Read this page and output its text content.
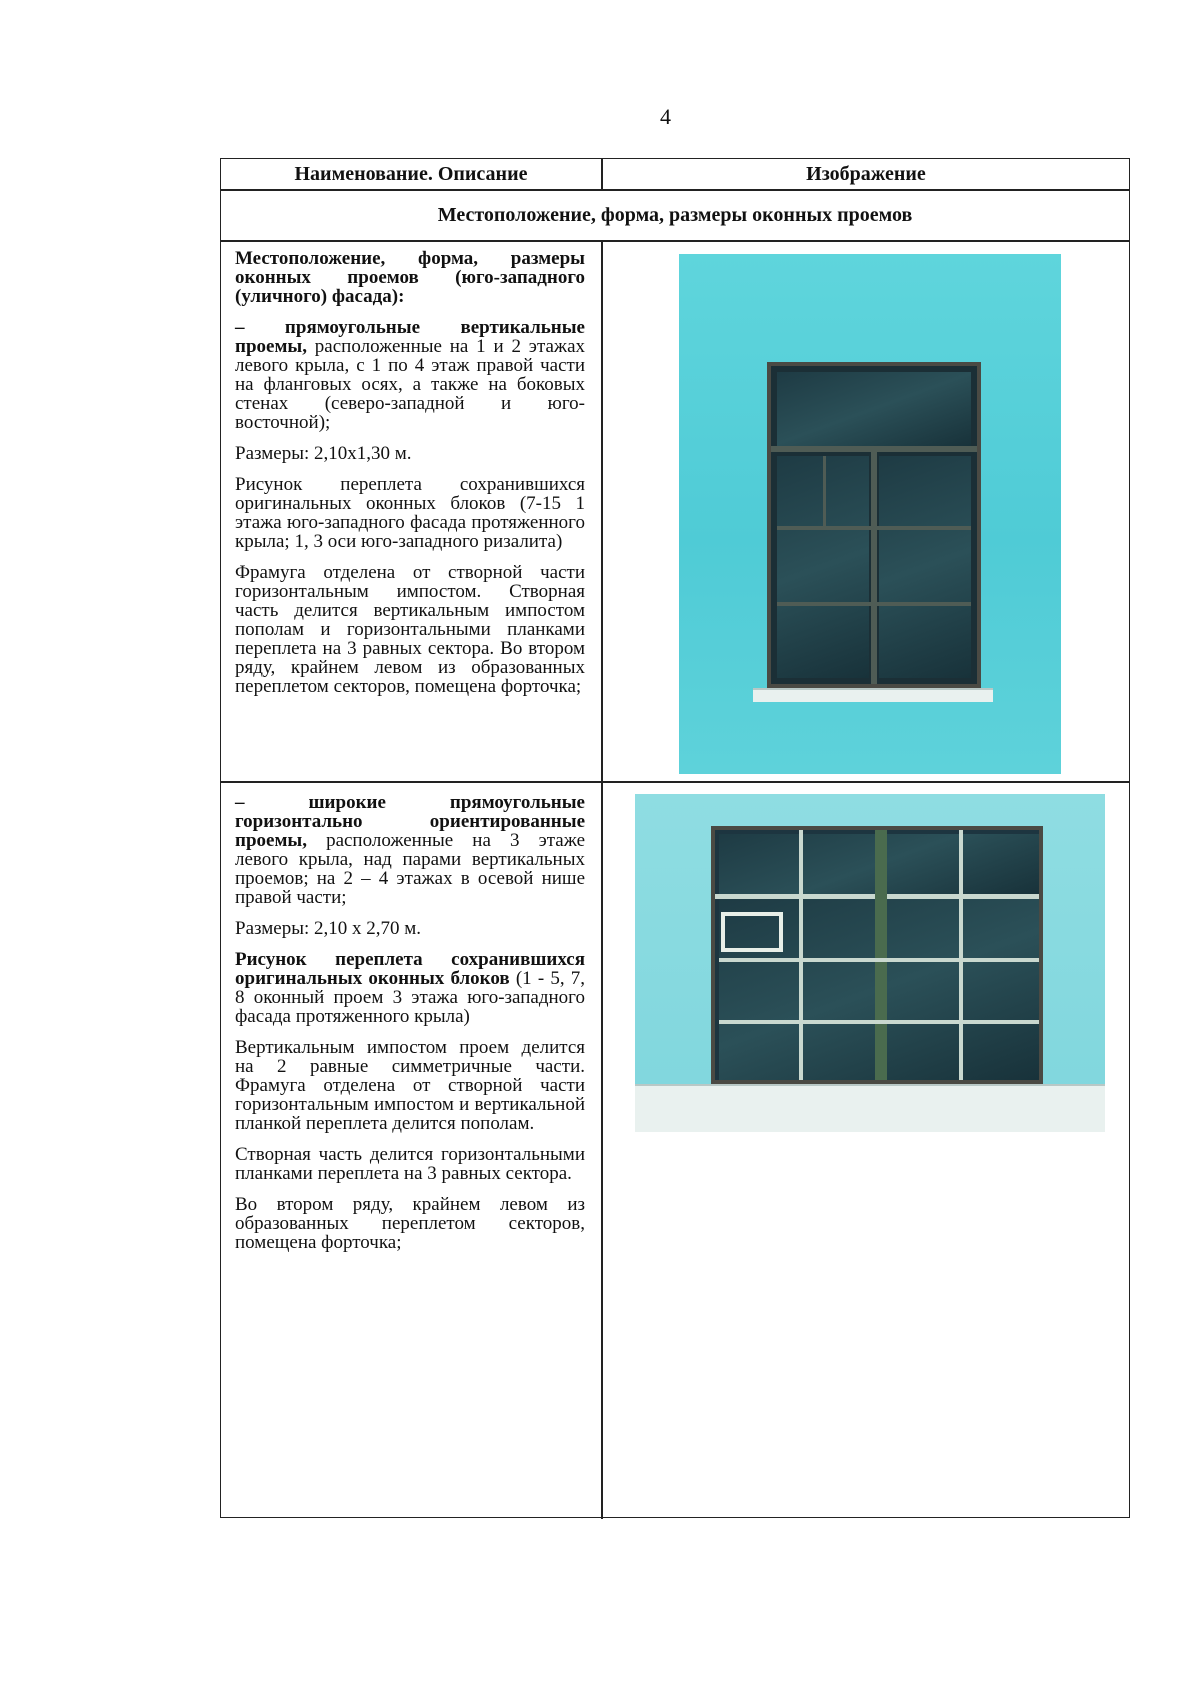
4
Наименование. Описание	Изображение
Местоположение, форма, размеры оконных проемов

Местоположение, форма, размеры оконных проемов (юго-западного (уличного) фасада):

– прямоугольные вертикальные проемы, расположенные на 1 и 2 этажах левого крыла, с 1 по 4 этаж правой части на фланговых осях, а также на боковых стенах (северо-западной и юго-восточной);

Размеры: 2,10х1,30 м.

Рисунок переплета сохранившихся оригинальных оконных блоков (7-15 1 этажа юго-западного фасада протяженного крыла; 1, 3 оси юго-западного ризалита)

Фрамуга отделена от створной части горизонтальным импостом. Створная часть делится вертикальным импостом пополам и горизонтальными планками переплета на 3 равных сектора. Во втором ряду, крайнем левом из образованных переплетом секторов, помещена форточка;

– широкие прямоугольные горизонтально ориентированные проемы, расположенные на 3 этаже левого крыла, над парами вертикальных проемов; на 2 – 4 этажах в осевой нише правой части;

Размеры: 2,10 х 2,70 м.

Рисунок переплета сохранившихся оригинальных оконных блоков (1 - 5, 7, 8 оконный проем 3 этажа юго-западного фасада протяженного крыла)

Вертикальным импостом проем делится на 2 равные симметричные части. Фрамуга отделена от створной части горизонтальным импостом и вертикальной планкой переплета делится пополам.

Створная часть делится горизонтальными планками переплета на 3 равных сектора.

Во втором ряду, крайнем левом из образованных переплетом секторов, помещена форточка;
